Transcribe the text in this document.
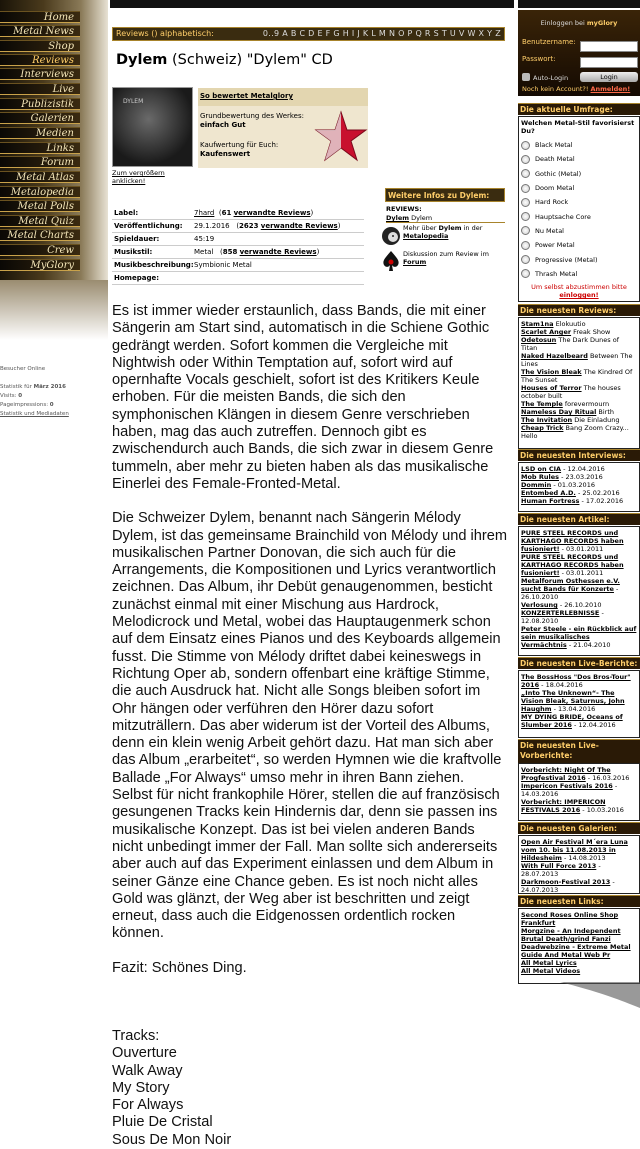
Home
Metal News
Shop
Reviews
Live
Interviews
Publizistik
Galerien
Medien
Links
Forum
Metal Atlas
Metalopedia
Metal Polls
Metal Quiz
Metal Charts
Crew
MyGlory
Besucher Online
Statistik für März 2016
Visits: 0
Pageimpressions: 0
Statistik und Mediadaten
Reviews () alphabetisch:	0..9 A B C D E F G H I J K L M N O P Q R S T U V W X Y Z
Dylem (Schweiz) "Dylem" CD
DYLEM
Zum vergrößern anklicken!
So bewertet Metalglory
Grundbewertung des Werkes:
einfach Gut
Kaufwertung für Euch:
Kaufenswert
Label:	7hard  (61 verwandte Reviews)
Veröffentlichung: 29.1.2016   (2623 verwandte Reviews)
Spieldauer:	45:19
Musikstil:	Metal   (858 verwandte Reviews)
Musikbeschreibung: Symbionic Metal
Homepage:
Weitere Infos zu Dylem:
REVIEWS:
Dylem Dylem
Mehr über Dylem in der Metalopedia
Diskussion zum Review im Forum

Es ist immer wieder erstaunlich, dass Bands, die mit einer Sängerin am Start sind, automatisch in die Schiene Gothic gedrängt werden. Sofort kommen die Vergleiche mit Nightwish oder Within Temptation auf, sofort wird auf opernhafte Vocals geschielt, sofort ist des Kritikers Keule erhoben. Für die meisten Bands, die sich den symphonischen Klängen in diesem Genre verschrieben haben, mag das auch zutreffen. Dennoch gibt es zwischendurch auch Bands, die sich zwar in diesem Genre tummeln, aber mehr zu bieten haben als das musikalische Einerlei des Female-Fronted-Metal.

Die Schweizer Dylem, benannt nach Sängerin Mélody Dylem, ist das gemeinsame Brainchild von Mélody und ihrem musikalischen Partner Donovan, die sich auch für die Arrangements, die Kompositionen und Lyrics verantwortlich zeichnen. Das Album, ihr Debüt genaugenommen, besticht zunächst einmal mit einer Mischung aus Hardrock, Melodicrock und Metal, wobei das Hauptaugenmerk schon auf dem Einsatz eines Pianos und des Keyboards allgemein fusst. Die Stimme von Mélody driftet dabei keineswegs in Richtung Oper ab, sondern offenbart eine kräftige Stimme, die auch Ausdruck hat. Nicht alle Songs bleiben sofort im Ohr hängen oder verführen den Hörer dazu sofort mitzuträllern. Das aber widerum ist der Vorteil des Albums, denn ein klein wenig Arbeit gehört dazu. Hat man sich aber das Album „erarbeitet“, so werden Hymnen wie die kraftvolle Ballade „For Always“ umso mehr in ihren Bann ziehen. Selbst für nicht frankophile Hörer, stellen die auf französisch gesungenen Tracks kein Hindernis dar, denn sie passen ins musikalische Konzept. Das ist bei vielen anderen Bands nicht unbedingt immer der Fall. Man sollte sich andererseits aber auch auf das Experiment einlassen und dem Album in seiner Gänze eine Chance geben. Es ist noch nicht alles Gold was glänzt, der Weg aber ist beschritten und zeigt erneut, dass auch die Eidgenossen ordentlich rocken können.

Fazit: Schönes Ding.

Tracks:

Ouverture
Walk Away
My Story
For Always
Pluie De Cristal
Sous De Mon Noir
Einloggen bei myGlory
Benutzername:
Passwort:
Auto-Login	Login
Noch kein Account?! Anmelden!
Die aktuelle Umfrage:
Welchen Metal-Stil favorisierst Du?
Black Metal
Death Metal
Gothic (Metal)
Doom Metal
Hard Rock
Hauptsache Core
Nu Metal
Power Metal
Progressive (Metal)
Thrash Metal
Um selbst abzustimmen bitte einloggen!
Die neuesten Reviews:
Stam1na Elokuutio
Scarlet Anger Freak Show
Odetosun The Dark Dunes of Titan
Naked Hazelbeard Between The Lines
The Vision Bleak The Kindred Of The Sunset
Houses of Terror The houses october built
The Temple forevermourn
Nameless Day Ritual Birth
The Invitation Die Einladung
Cheap Trick Bang Zoom Crazy... Hello
Die neuesten Interviews:
LSD on CIA - 12.04.2016
Mob Rules - 23.03.2016
Dommin - 01.03.2016
Entombed A.D. - 25.02.2016
Human Fortress - 17.02.2016
Die neuesten Artikel:
PURE STEEL RECORDS und KARTHAGO RECORDS haben fusioniert! - 03.01.2011
PURE STEEL RECORDS und KARTHAGO RECORDS haben fusioniert! - 03.01.2011
Metalforum Osthessen e.V. sucht Bands für Konzerte - 26.10.2010
Verlosung - 26.10.2010
KONZERTERLEBNISSE - 12.08.2010
Peter Steele - ein Rückblick auf sein musikalisches Vermächtnis - 21.04.2010
Die neuesten Live-Berichte:
The BossHoss "Dos Bros-Tour" 2016 - 18.04.2016
„Into The Unknown“- The Vision Bleak, Saturnus, John Haughm - 13.04.2016
MY DYING BRIDE, Oceans of Slumber 2016 - 12.04.2016
Die neuesten Live-Vorberichte:
Vorbericht: Night Of The Progfestival 2016 - 16.03.2016
Impericon Festivals 2016 - 14.03.2016
Vorbericht: IMPERICON FESTIVALS 2016 - 10.03.2016
Die neuesten Galerien:
Open Air Festival M´era Luna vom 10. bis 11.08.2013 in Hildesheim - 14.08.2013
With Full Force 2013 - 28.07.2013
Darkmoon-Festival 2013 - 24.07.2013
Die neuesten Links:
Second Roses Online Shop Frankfurt
Morgzine - An Independent Brutal Death/grind Fanzi
Deadwebzine - Extreme Metal Guide And Metal Web Pr
All Metal Lyrics
All Metal Videos
